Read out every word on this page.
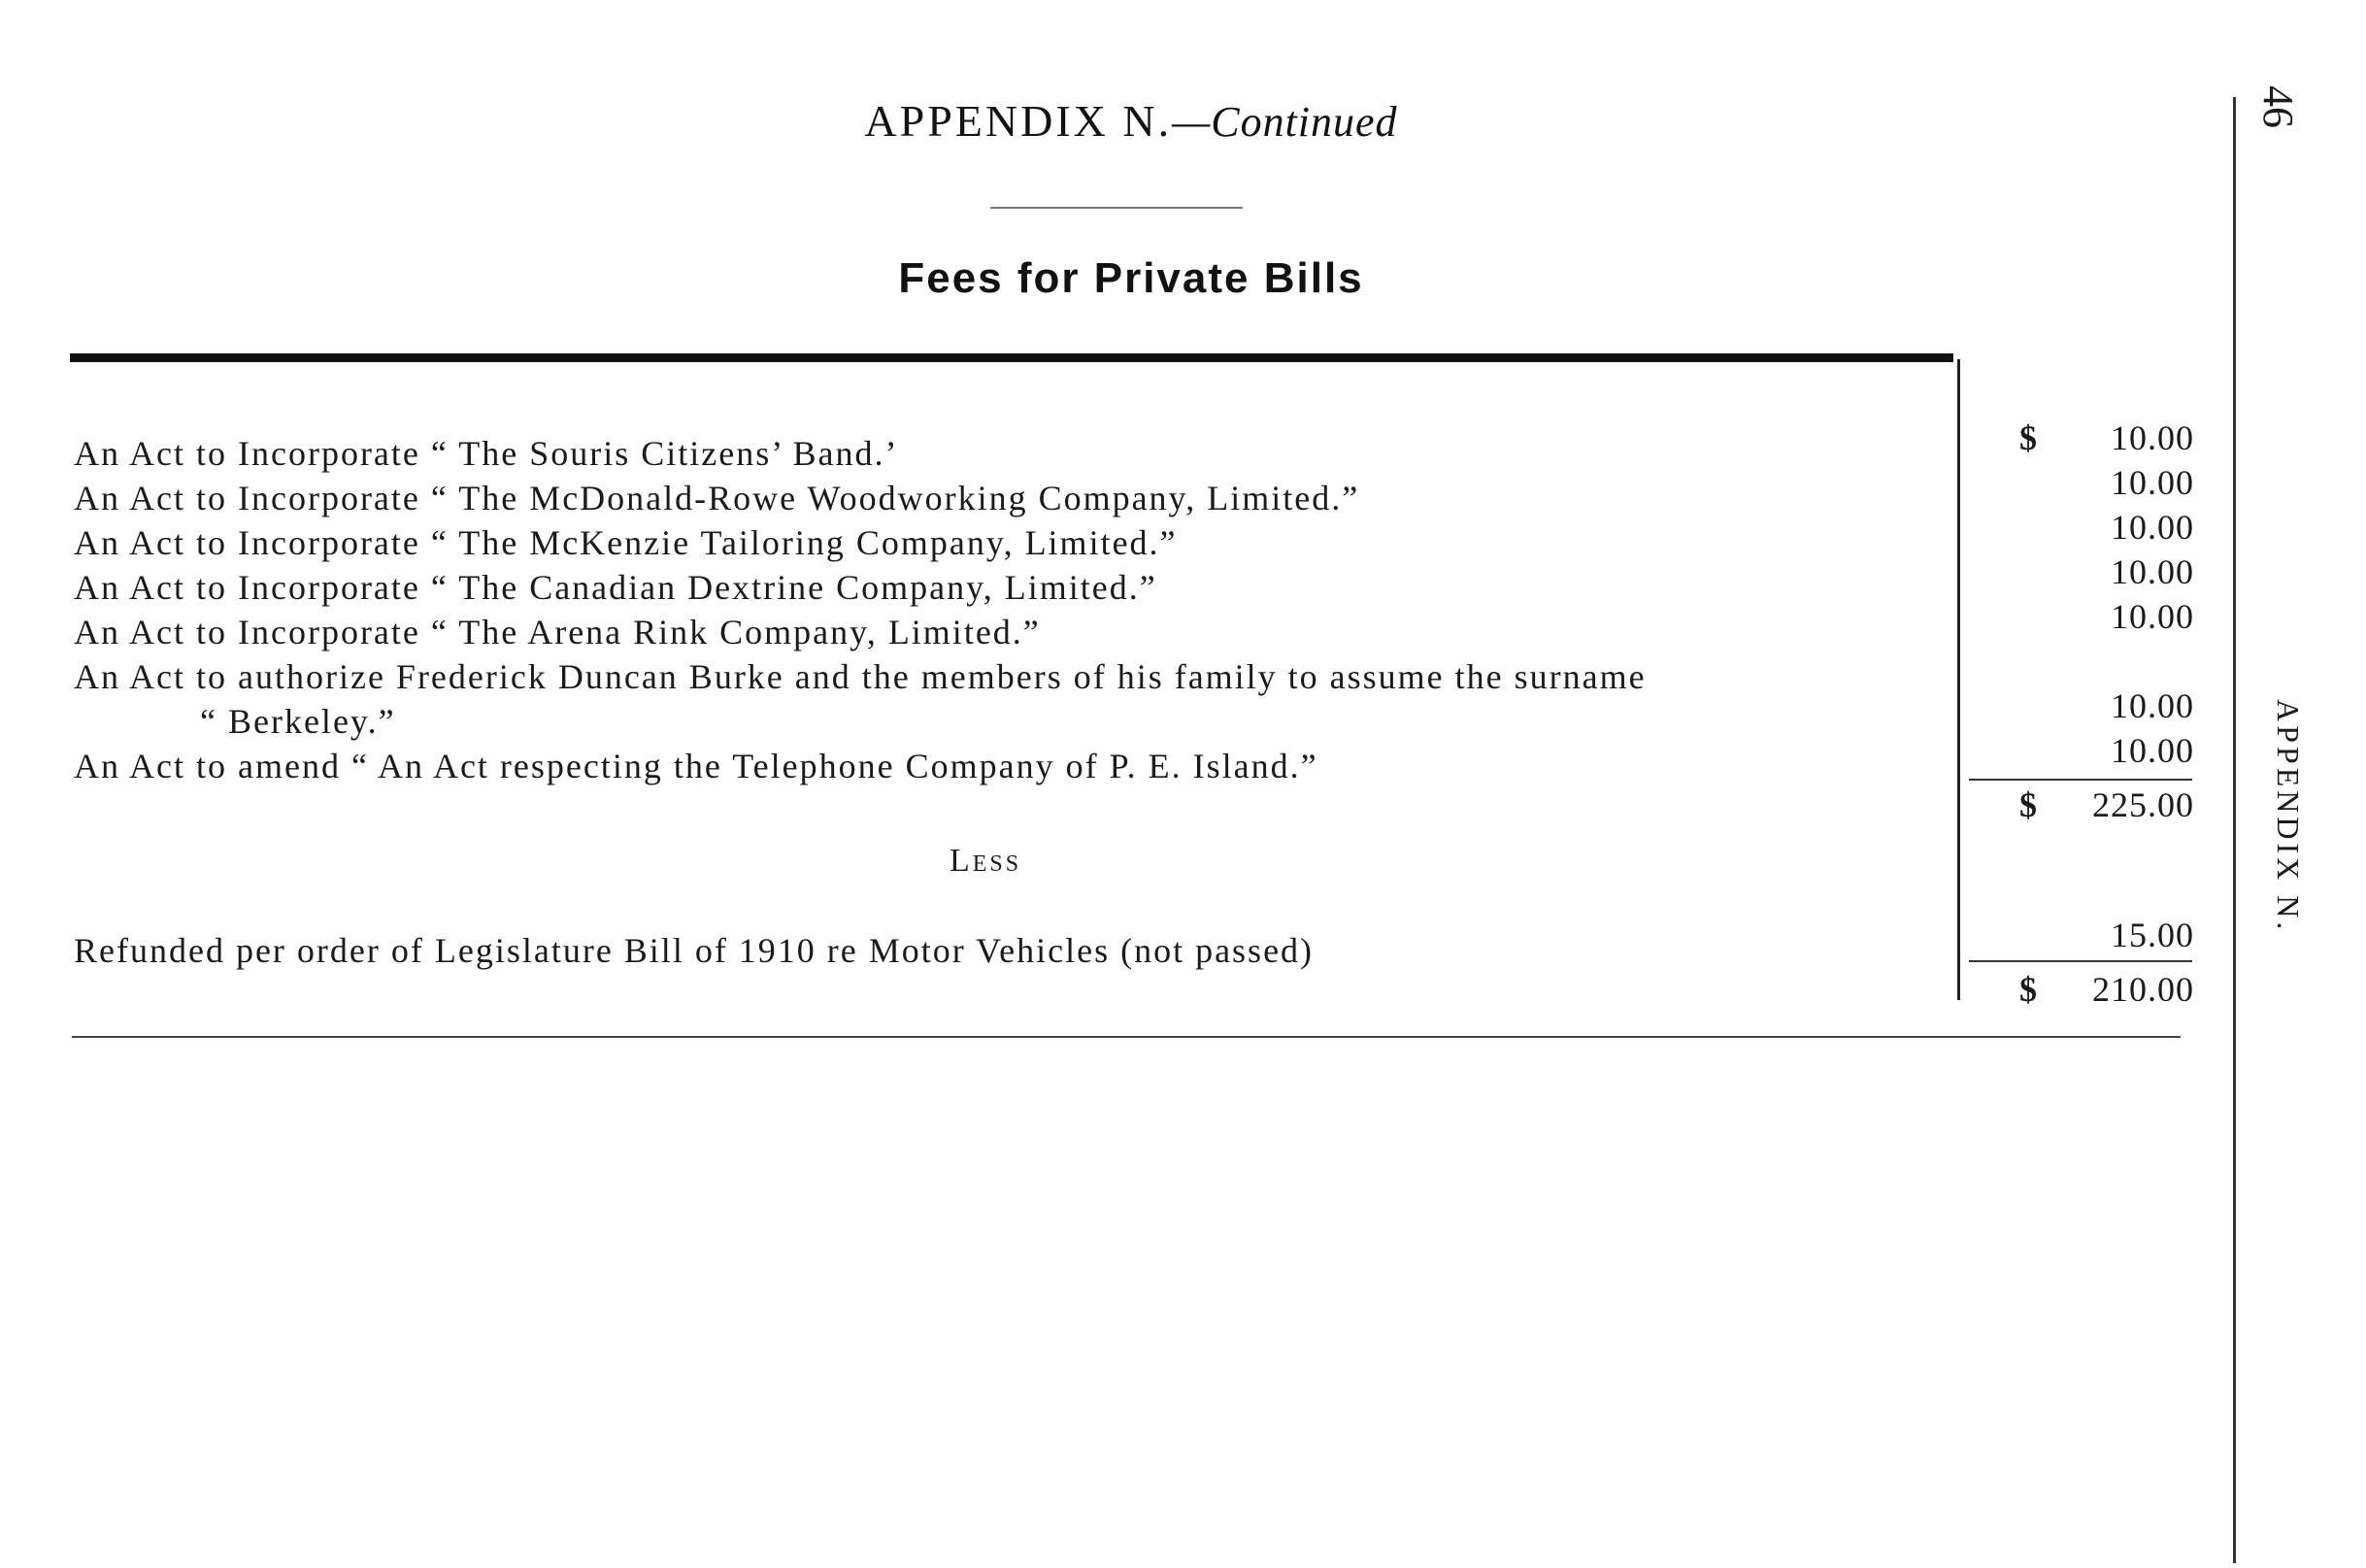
APPENDIX N.—Continued
Fees for Private Bills
An Act to Incorporate “ The Souris Citizens’ Band.’	$	10.00
An Act to Incorporate “ The McDonald-Rowe Woodworking Company, Limited.”	10.00
An Act to Incorporate “ The McKenzie Tailoring Company, Limited.”	10.00
An Act to Incorporate “ The Canadian Dextrine Company, Limited.”	10.00
An Act to Incorporate “ The Arena Rink Company, Limited.”	10.00
An Act to authorize Frederick Duncan Burke and the members of his family to assume the surname
“ Berkeley.”	10.00
An Act to amend “ An Act respecting the Telephone Company of P. E. Island.”	10.00
$	225.00
Less
Refunded per order of Legislature Bill of 1910 re Motor Vehicles (not passed)	15.00
$	210.00
46
APPENDIX N.
